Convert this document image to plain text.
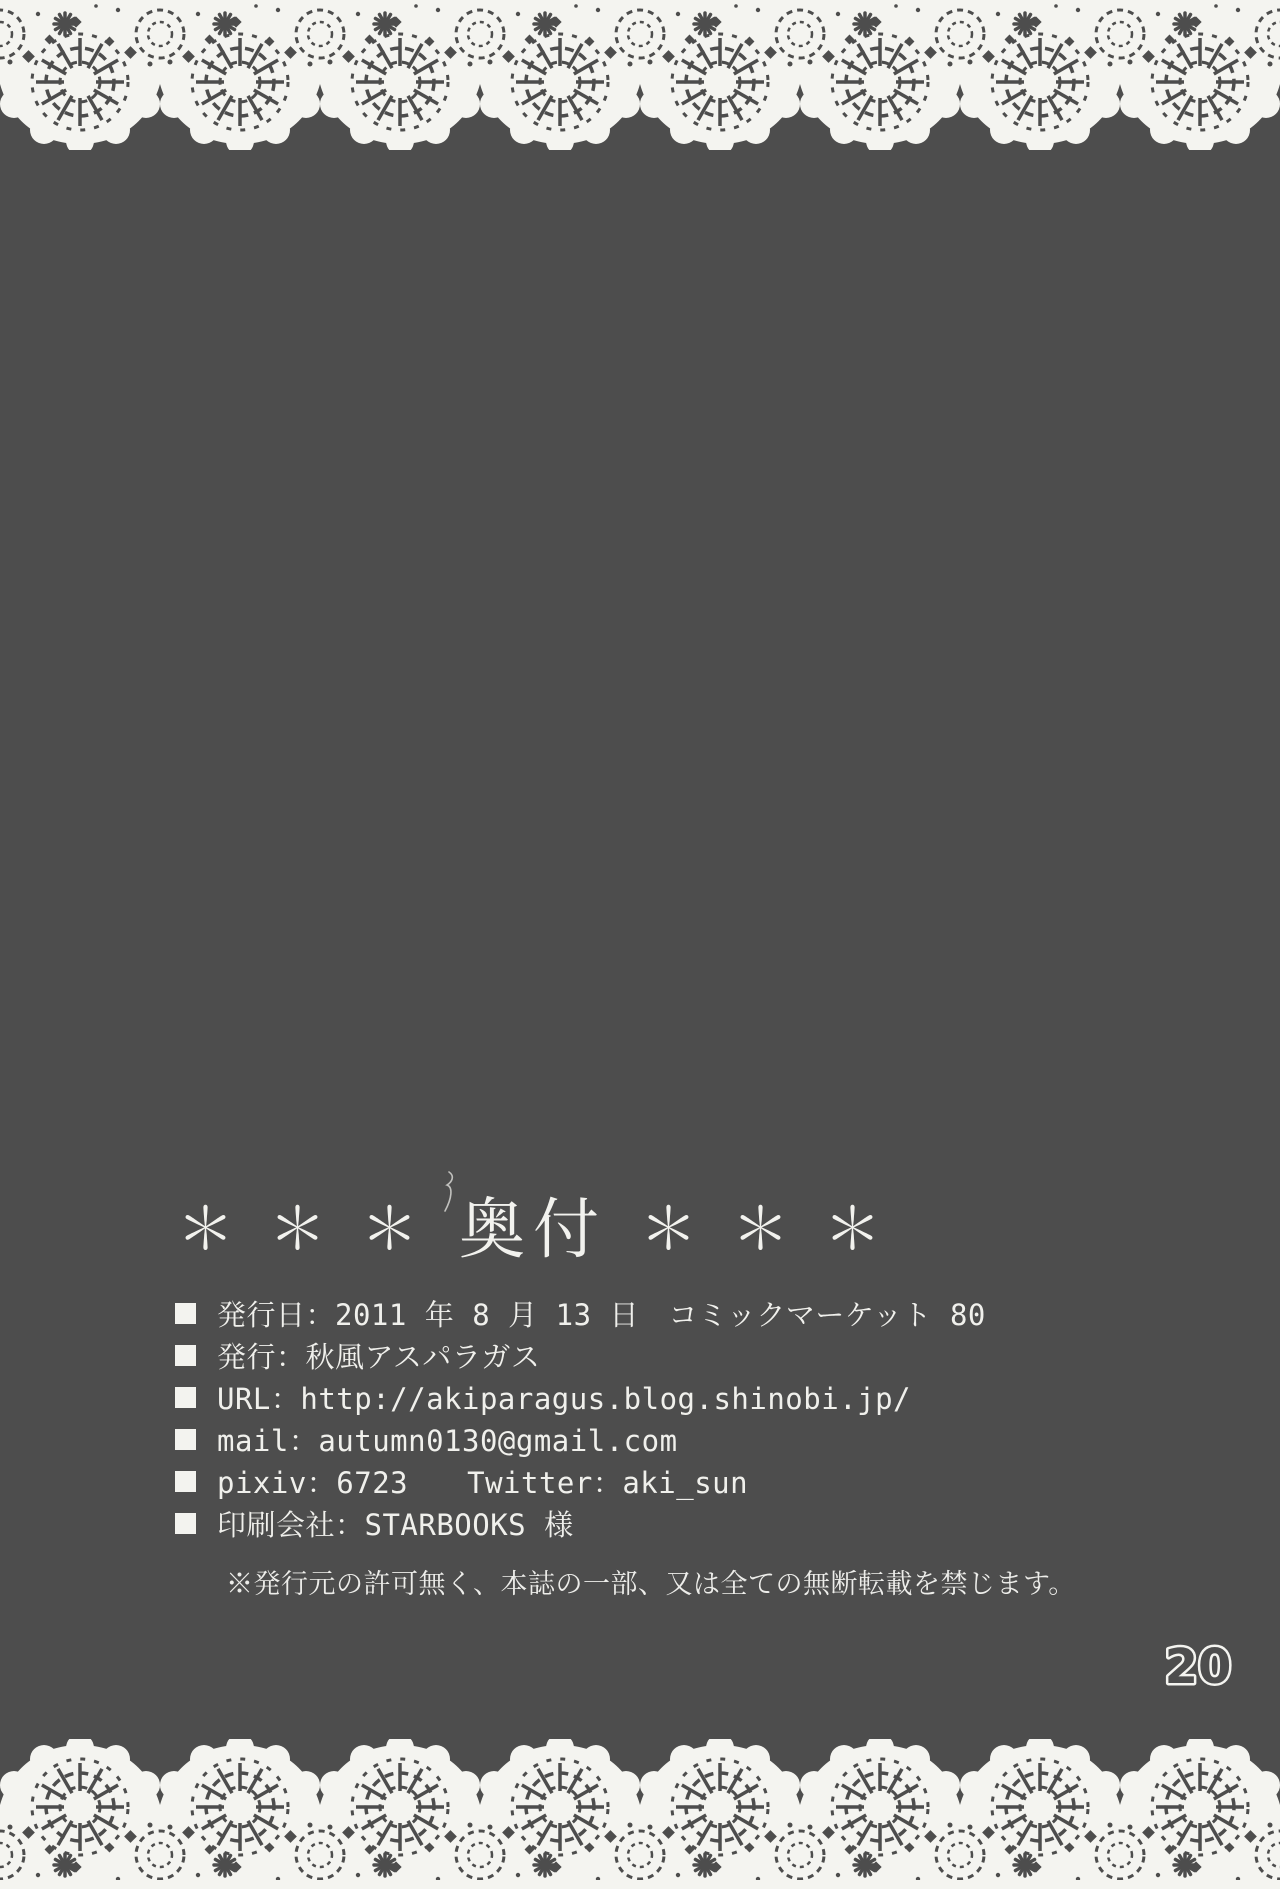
＊＊＊ 奥付 ＊＊＊
発行日：2011 年 8 月 13 日　コミックマーケット 80
発行：秋風アスパラガス
URL：http://akiparagus.blog.shinobi.jp/
mail：autumn0130@gmail.com
pixiv：6723　　Twitter：aki_sun
印刷会社：STARBOOKS 様
※発行元の許可無く、本誌の一部、又は全ての無断転載を禁じます。
20
